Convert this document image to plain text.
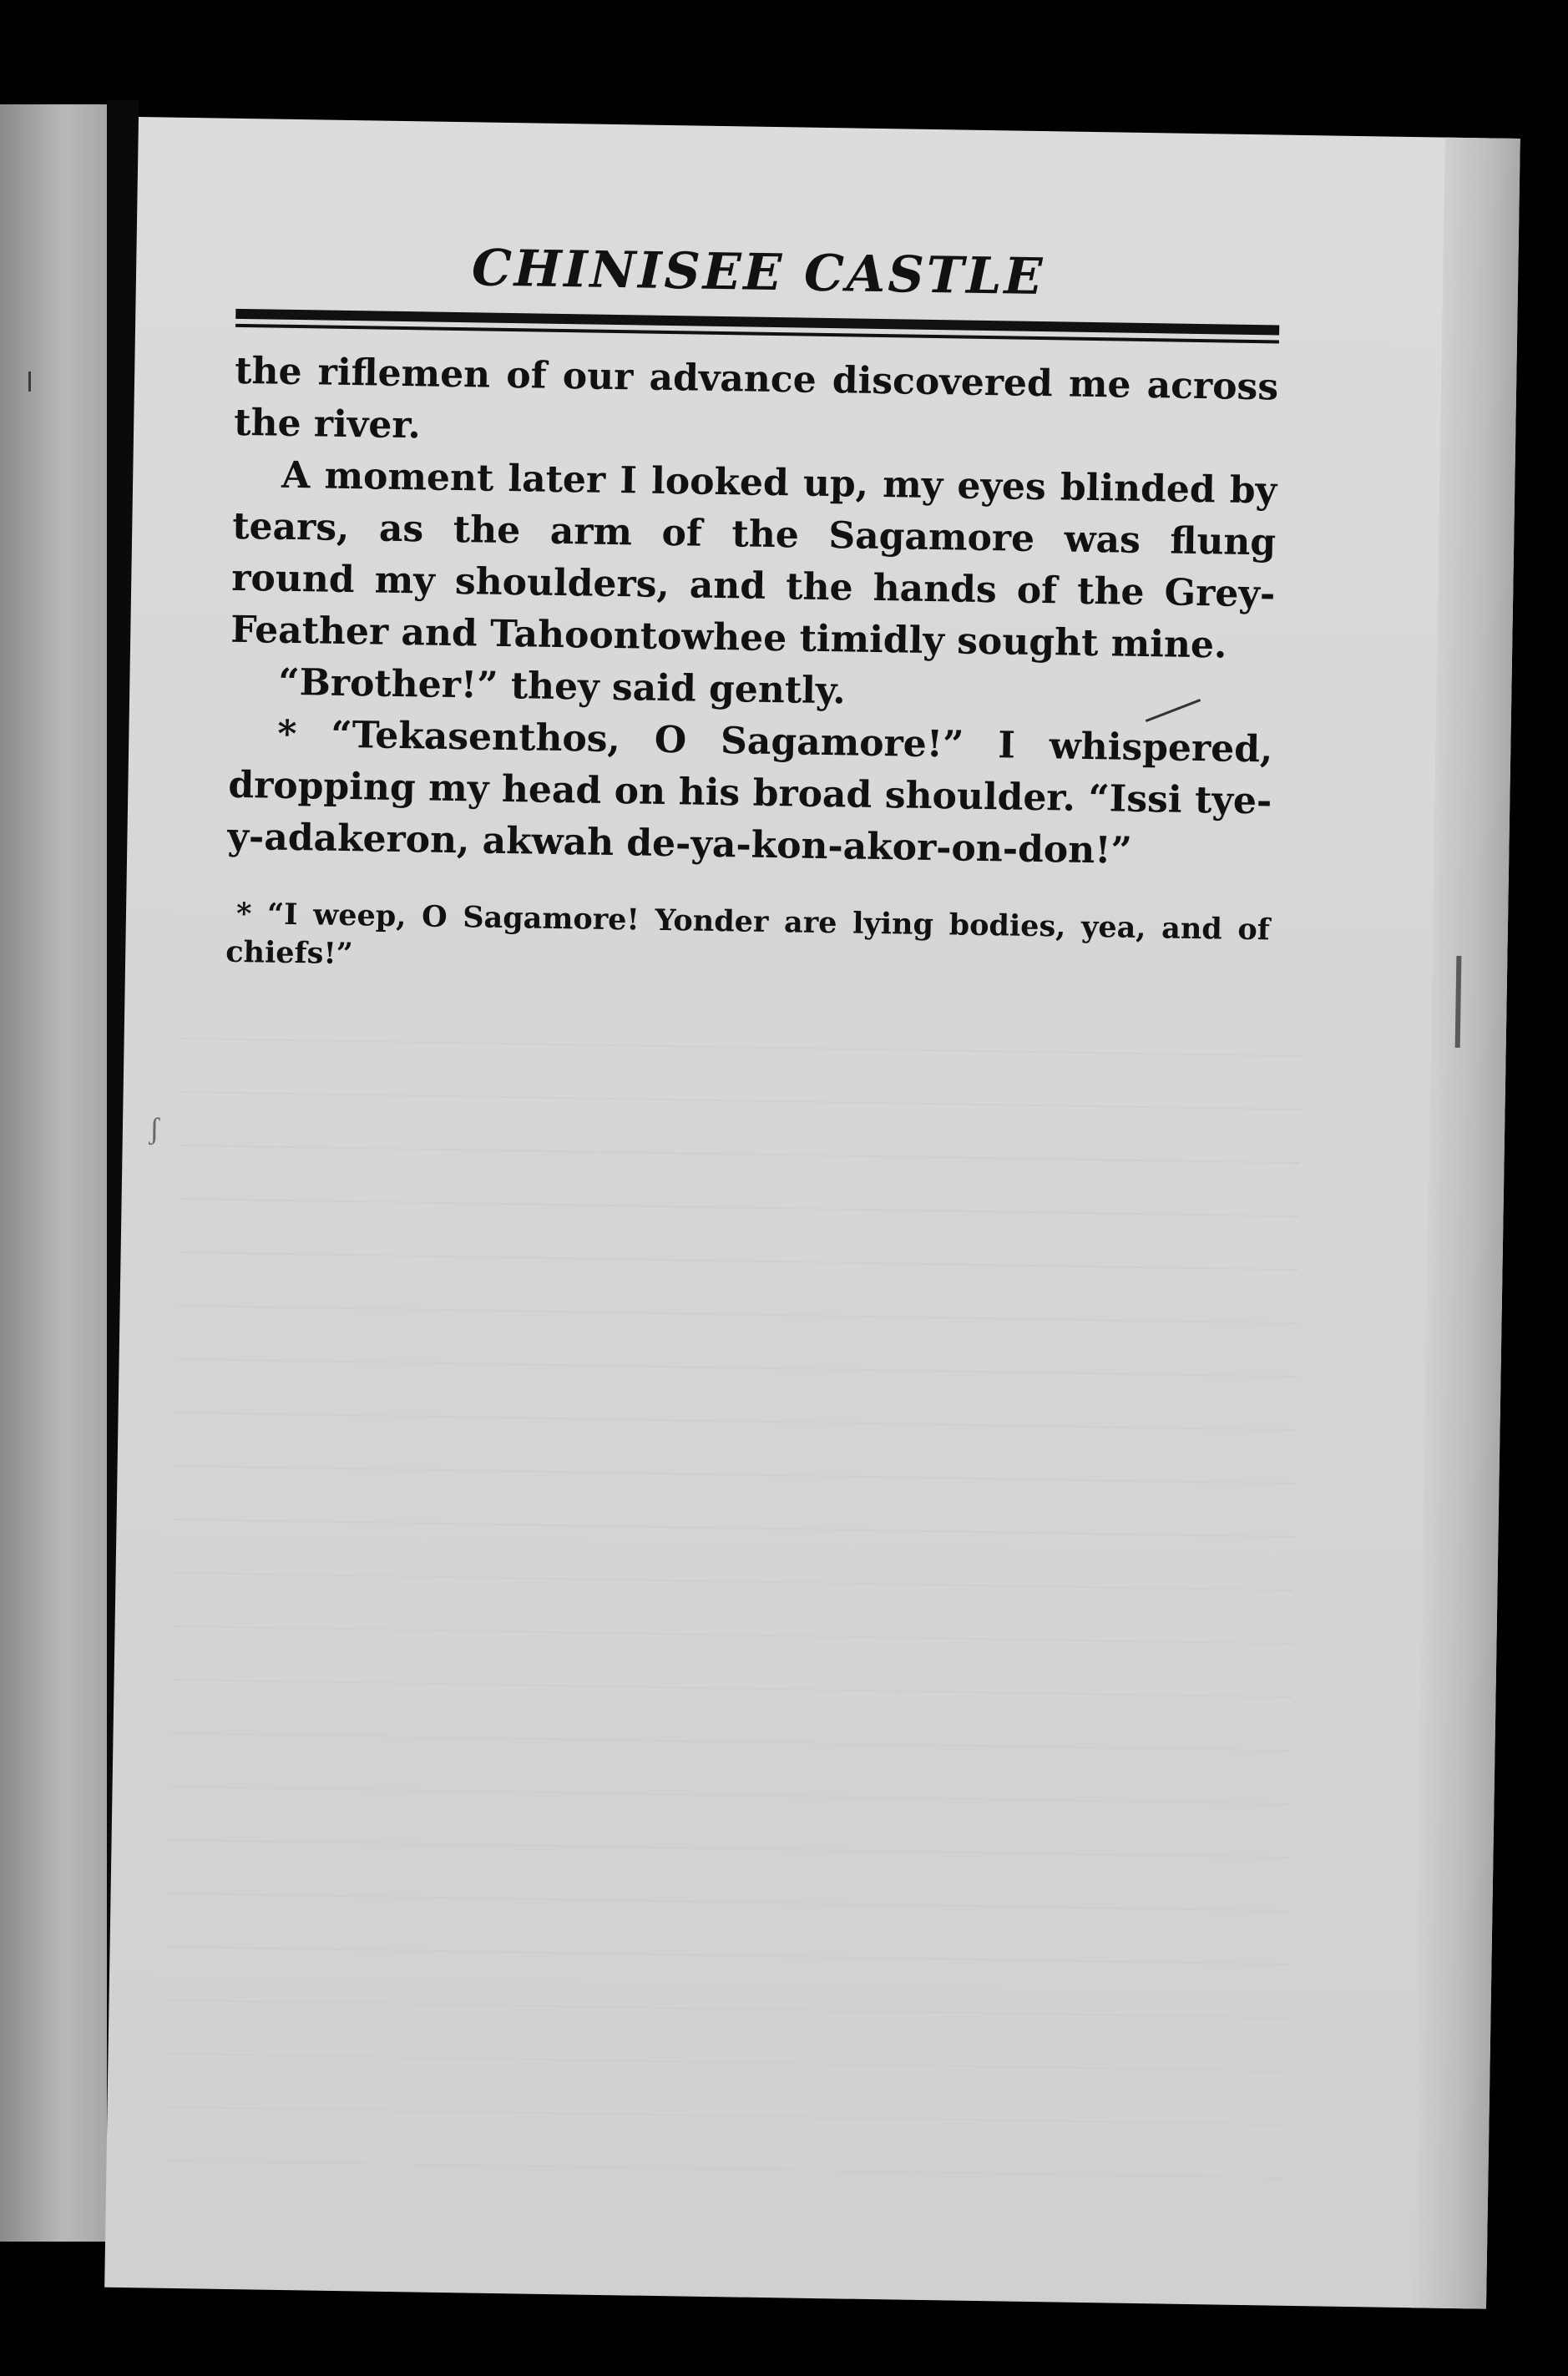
ʃ
CHINISEE CASTLE

the riflemen of our advance discovered me across the river.

A moment later I looked up, my eyes blinded by tears, as the arm of the Sagamore was flung round my shoulders, and the hands of the Grey-Feather and Tahoontowhee timidly sought mine.

“Brother!” they said gently.

* “Tekasenthos, O Sagamore!” I whispered, dropping my head on his broad shoulder. “Issi tye-y-adakeron, akwah de-ya-kon-akor-on-don!”

* “I weep, O Sagamore! Yonder are lying bodies, yea, and of chiefs!”
